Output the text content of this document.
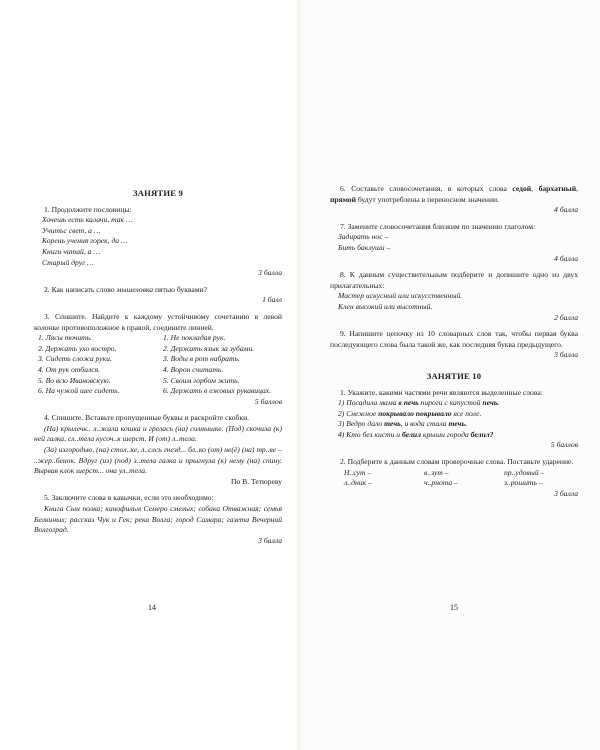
ЗАНЯТИЕ 9
1. Продолжите пословицы:
Хочешь есть калачи, так …
Учитьс свет, а …
Корень учения горек, да …
Книги читай, а …
Старый друг …
3 балла
2. Как написать слово мышеловка пятью буквами?
1 балл
3. Спишите. Найдите к каждому устойчивому сочетанию в левой колонке противоположное в правой, соедините линией.
1. Лясы точить.	1. Не покладая рук.
2. Держать ухо востро.	2. Держать язык за зубами.
3. Сидеть сложа руки.	3. Воды в рот набрать.
4. От рук отбился.	4. Ворон считать.
5. Во всю Ивановскую.	5. Своим горбом жить.
6. На чужой шее сидеть.	6. Держать в ежовых рукавицах.
5 баллов
4. Спишите. Вставьте пропущенные буквы и раскройте скобки.
(На) крылечк.. л..жала кошка и грелась (на) солнышке. (Под) скочила (к) ней галка, сл..тела кусоч..к шерст. И (от) л..тела.
(За) изгородью, (на) стол..ке, л..слсь гнезд... бл..ко (от) не(ё) (на) тр..ве – ..жер..бенок. Вдруг (из) (под) з..тела галка и прыгнула (к) нему (на) спину. Вырвав клок шерст... она ул..тела.
По В. Тетюреву
5. Заключите слова в кавычки, если это необходимо:
Книга Сын полка; кинофильм Семеро смелых; собака Отважная; семья Белкиных; рассказ Чук и Гек; река Волга; город Самара; газета Вечерний Волгоград.
3 балла
14
6. Составьте словосочетания, в которых слова седой, бархатный, прямой будут употреблены в переносном значении.
4 балла
7. Замените словосочетания близким по значению глаголом:
Задирать нос –
Бить баклуши –
4 балла
8. К данным существительным подберите и допишите одно из двух прилагательных:
Мастер искусный или искусственный.
Клен высокий или высотный.
2 балла
9. Напишите цепочку из 10 словарных слов так, чтобы первая буква последующего слова была такой же, как последняя буква предыдущего.
3 балла
ЗАНЯТИЕ 10
1. Укажите, какими частями речи являются выделенные слова:
1) Посадила мама в печь пироги с капустой печь.
2) Снежное покрывало покрывало все поле.
3) Ведро дало течь, и вода стала течь.
4) Кто без кисти и белил крыши города белил?
5 баллов
2. Подберите к данным словам проверочные слова. Поставьте ударение.
Н..сут –	в..зут –	пр..удовый –
л..дник –	ч..рнота –	з..рошить –
3 балла
15
